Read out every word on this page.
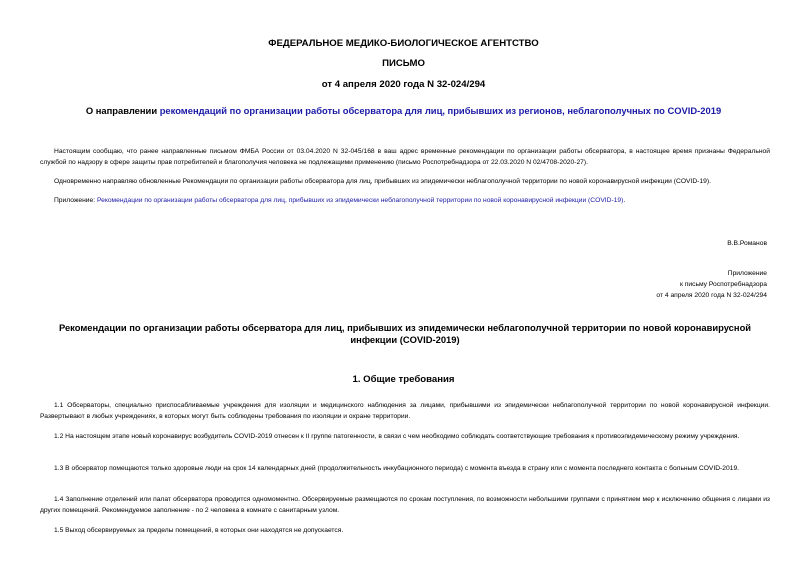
ФЕДЕРАЛЬНОЕ МЕДИКО-БИОЛОГИЧЕСКОЕ АГЕНТСТВО
ПИСЬМО
от 4 апреля 2020 года N 32-024/294
О направлении рекомендаций по организации работы обсерватора для лиц, прибывших из регионов, неблагополучных по COVID-2019
Настоящим сообщаю, что ранее направленные письмом ФМБА России от 03.04.2020 N 32-045/168 в ваш адрес временные рекомендации по организации работы обсерватора, в настоящее время признаны Федеральной службой по надзору в сфере защиты прав потребителей и благополучия человека не подлежащими применению (письмо Роспотребнадзора от 22.03.2020 N 02/4708-2020-27).
Одновременно направляю обновленные Рекомендации по организации работы обсерватора для лиц, прибывших из эпидемически неблагополучной территории по новой коронавирусной инфекции (COVID-19).
Приложение: Рекомендации по организации работы обсерватора для лиц, прибывших из эпидемически неблагополучной территории по новой коронавирусной инфекции (COVID-19).
В.В.Романов
Приложение
к письму Роспотребнадзора
от 4 апреля 2020 года N 32-024/294
Рекомендации по организации работы обсерватора для лиц, прибывших из эпидемически неблагополучной территории по новой коронавирусной инфекции (COVID-2019)
1. Общие требования
1.1 Обсерваторы, специально приспосабливаемые учреждения для изоляции и медицинского наблюдения за лицами, прибывшими из эпидемически неблагополучной территории по новой коронавирусной инфекции. Развертывают в любых учреждениях, в которых могут быть соблюдены требования по изоляции и охране территории.
1.2 На настоящем этапе новый коронавирус возбудитель COVID-2019 отнесен к II группе патогенности, в связи с чем необходимо соблюдать соответствующие требования к противоэпидемическому режиму учреждения.
1.3 В обсерватор помещаются только здоровые люди на срок 14 календарных дней (продолжительность инкубационного периода) с момента въезда в страну или с момента последнего контакта с больным COVID-2019.
1.4 Заполнение отделений или палат обсерватора проводится одномоментно. Обсервируемые размещаются по срокам поступления, по возможности небольшими группами с принятием мер к исключению общения с лицами из других помещений. Рекомендуемое заполнение - по 2 человека в комнате с санитарным узлом.
1.5 Выход обсервируемых за пределы помещений, в которых они находятся не допускается.
